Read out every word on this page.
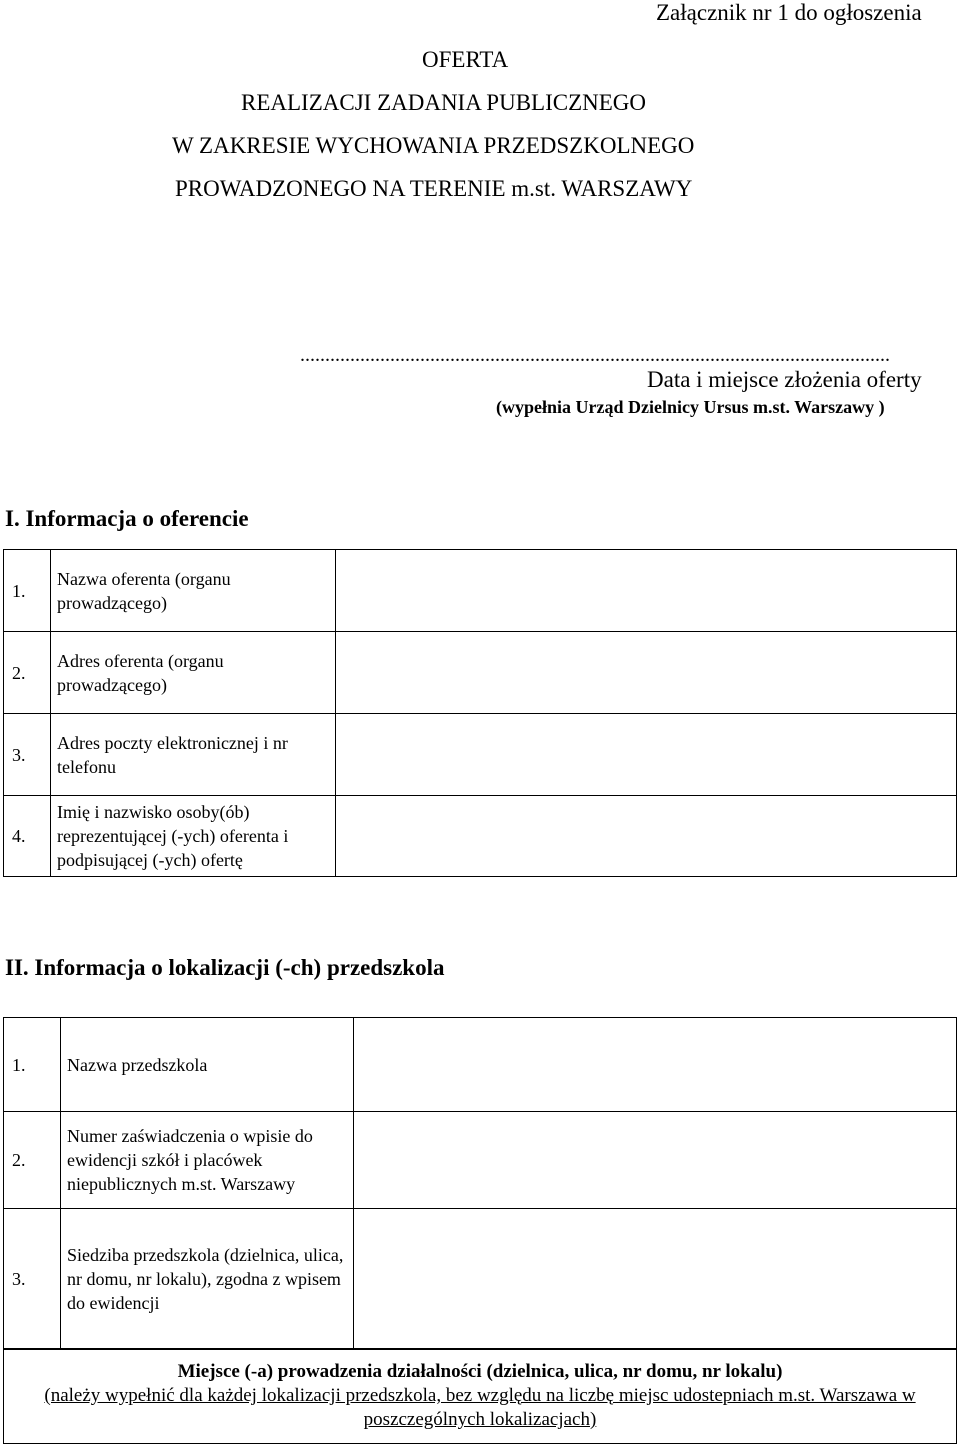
Załącznik nr 1 do ogłoszenia
OFERTA
REALIZACJI ZADANIA PUBLICZNEGO
W ZAKRESIE WYCHOWANIA PRZEDSZKOLNEGO
PROWADZONEGO NA TERENIE m.st. WARSZAWY
......................................................................................................................
Data i miejsce złożenia oferty
(wypełnia Urząd Dzielnicy Ursus m.st. Warszawy )
I. Informacja o oferencie
1.	Nazwa oferenta (organu prowadzącego)	
2.	Adres oferenta (organu prowadzącego)	
3.	Adres poczty elektronicznej i nr telefonu	
4.	Imię i nazwisko osoby(ób) reprezentującej (-ych) oferenta i podpisującej (-ych) ofertę	
II. Informacja o lokalizacji (-ch) przedszkola
1.	Nazwa przedszkola	
2.	Numer zaświadczenia o wpisie do ewidencji szkół i placówek niepublicznych m.st. Warszawy	
3.	Siedziba przedszkola (dzielnica, ulica, nr domu, nr lokalu), zgodna z wpisem do ewidencji	
Miejsce (-a) prowadzenia działalności (dzielnica, ulica, nr domu, nr lokalu)
(należy wypełnić dla każdej lokalizacji przedszkola, bez względu na liczbę miejsc udostepniach m.st. Warszawa w poszczególnych lokalizacjach)
